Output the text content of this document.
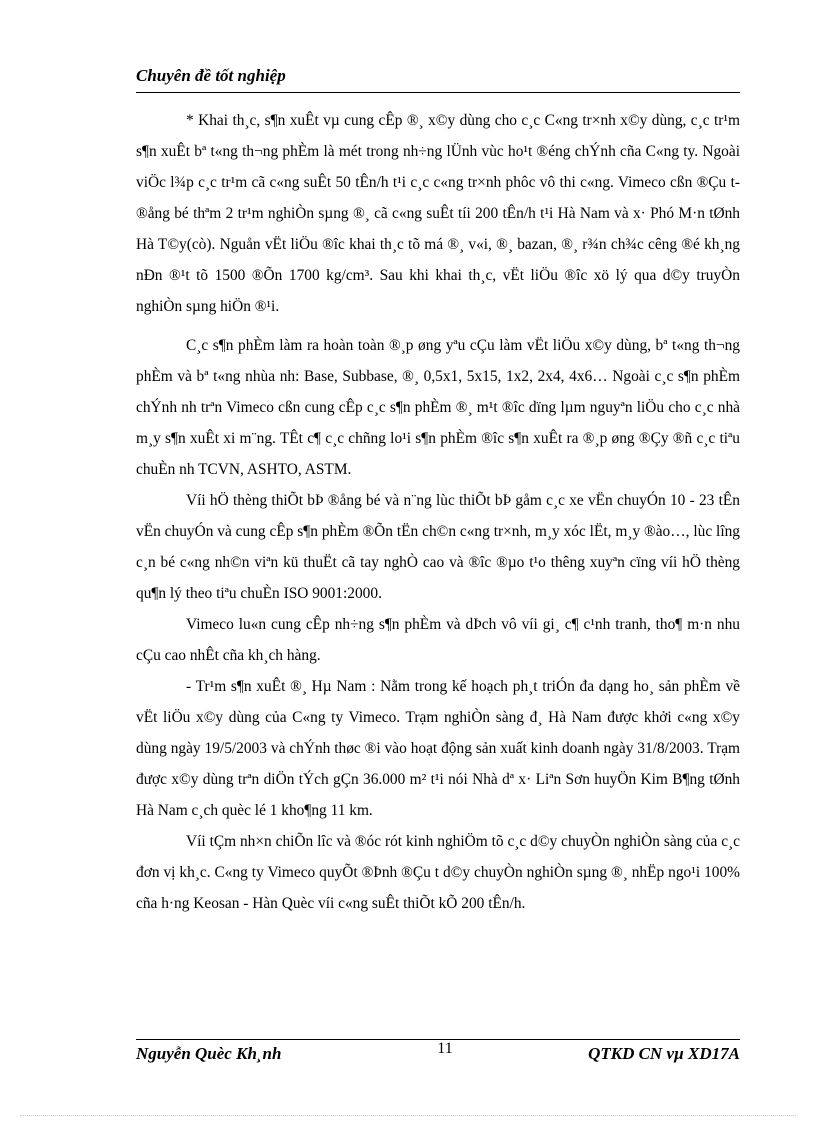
Chuyên đề tốt nghiệp

* Khai th¸c, s¶n xuÊt vµ cung cÊp ®¸ x©y dùng cho c¸c C«ng tr×nh x©y dùng, c¸c tr¹m s¶n xuÊt bª t«ng th¬ng phÈm là mét trong nh÷ng lÜnh vùc ho¹t ®éng chÝnh cña C«ng ty. Ngoài viÖc l¾p c¸c tr¹m cã c«ng suÊt 50 tÊn/h t¹i c¸c c«ng tr×nh phôc vô thi c«ng. Vimeco cßn ®Çu t ®ång bé thªm 2 tr¹m nghiÒn sµng ®¸ cã c«ng suÊt tíi 200 tÊn/h t¹i Hà Nam và x· Phó M·n tØnh Hà T©y(cò). Nguån vËt liÖu ®îc khai th¸c tõ má ®¸ v«i, ®¸ bazan, ®¸ r¾n ch¾c cêng ®é kh¸ng nÐn ®¹t tõ 1500 ®Õn 1700 kg/cm³. Sau khi khai th¸c, vËt liÖu ®îc xö lý qua d©y truyÒn nghiÒn sµng hiÖn ®¹i.

C¸c s¶n phÈm làm ra hoàn toàn ®¸p øng yªu cÇu làm vËt liÖu x©y dùng, bª t«ng th¬ng phÈm và bª t«ng nhùa nh: Base, Subbase, ®¸ 0,5x1, 5x15, 1x2, 2x4, 4x6… Ngoài c¸c s¶n phÈm chÝnh nh trªn Vimeco cßn cung cÊp c¸c s¶n phÈm ®¸ m¹t ®îc dïng lµm nguyªn liÖu cho c¸c nhà m¸y s¶n xuÊt xi m¨ng. TÊt c¶ c¸c chñng lo¹i s¶n phÈm ®îc s¶n xuÊt ra ®¸p øng ®Çy ®ñ c¸c tiªu chuÈn nh TCVN, ASHTO, ASTM.

Víi hÖ thèng thiÕt bÞ ®ång bé và n¨ng lùc thiÕt bÞ gåm c¸c xe vËn chuyÓn 10 - 23 tÊn vËn chuyÓn và cung cÊp s¶n phÈm ®Õn tËn ch©n c«ng tr×nh, m¸y xóc lËt, m¸y ®ào…, lùc lîng c¸n bé c«ng nh©n viªn kü thuËt cã tay nghÒ cao và ®îc ®µo t¹o thêng xuyªn cïng víi hÖ thèng qu¶n lý theo tiªu chuÈn ISO 9001:2000.

Vimeco lu«n cung cÊp nh÷ng s¶n phÈm và dÞch vô víi gi¸ c¶ c¹nh tranh, tho¶ m·n nhu cÇu cao nhÊt cña kh¸ch hàng.

- Tr¹m s¶n xuÊt ®¸ Hµ Nam : Nằm trong kế hoạch ph¸t triÓn đa dạng ho¸ sản phÈm về vËt liÖu x©y dùng của C«ng ty Vimeco. Trạm nghiÒn sàng đ¸ Hà Nam được khởi c«ng x©y dùng ngày 19/5/2003 và chÝnh thøc ®i vào hoạt động sản xuất kinh doanh ngày 31/8/2003. Trạm được x©y dùng trªn diÖn tÝch gÇn 36.000 m² t¹i nói Nhà dª x· Liªn Sơn huyÖn Kim B¶ng tØnh Hà Nam c¸ch quèc lé 1 kho¶ng 11 km.

Víi tÇm nh×n chiÕn lîc và ®óc rót kinh nghiÖm tõ c¸c d©y chuyÒn nghiÒn sàng của c¸c đơn vị kh¸c. C«ng ty Vimeco quyÕt ®Þnh ®Çu t d©y chuyÒn nghiÒn sµng ®¸ nhËp ngo¹i 100% cña h·ng Keosan - Hàn Quèc víi c«ng suÊt thiÕt kÕ 200 tÊn/h.

Nguyễn Quèc Kh¸nh	11	QTKD CN vµ XD17A
